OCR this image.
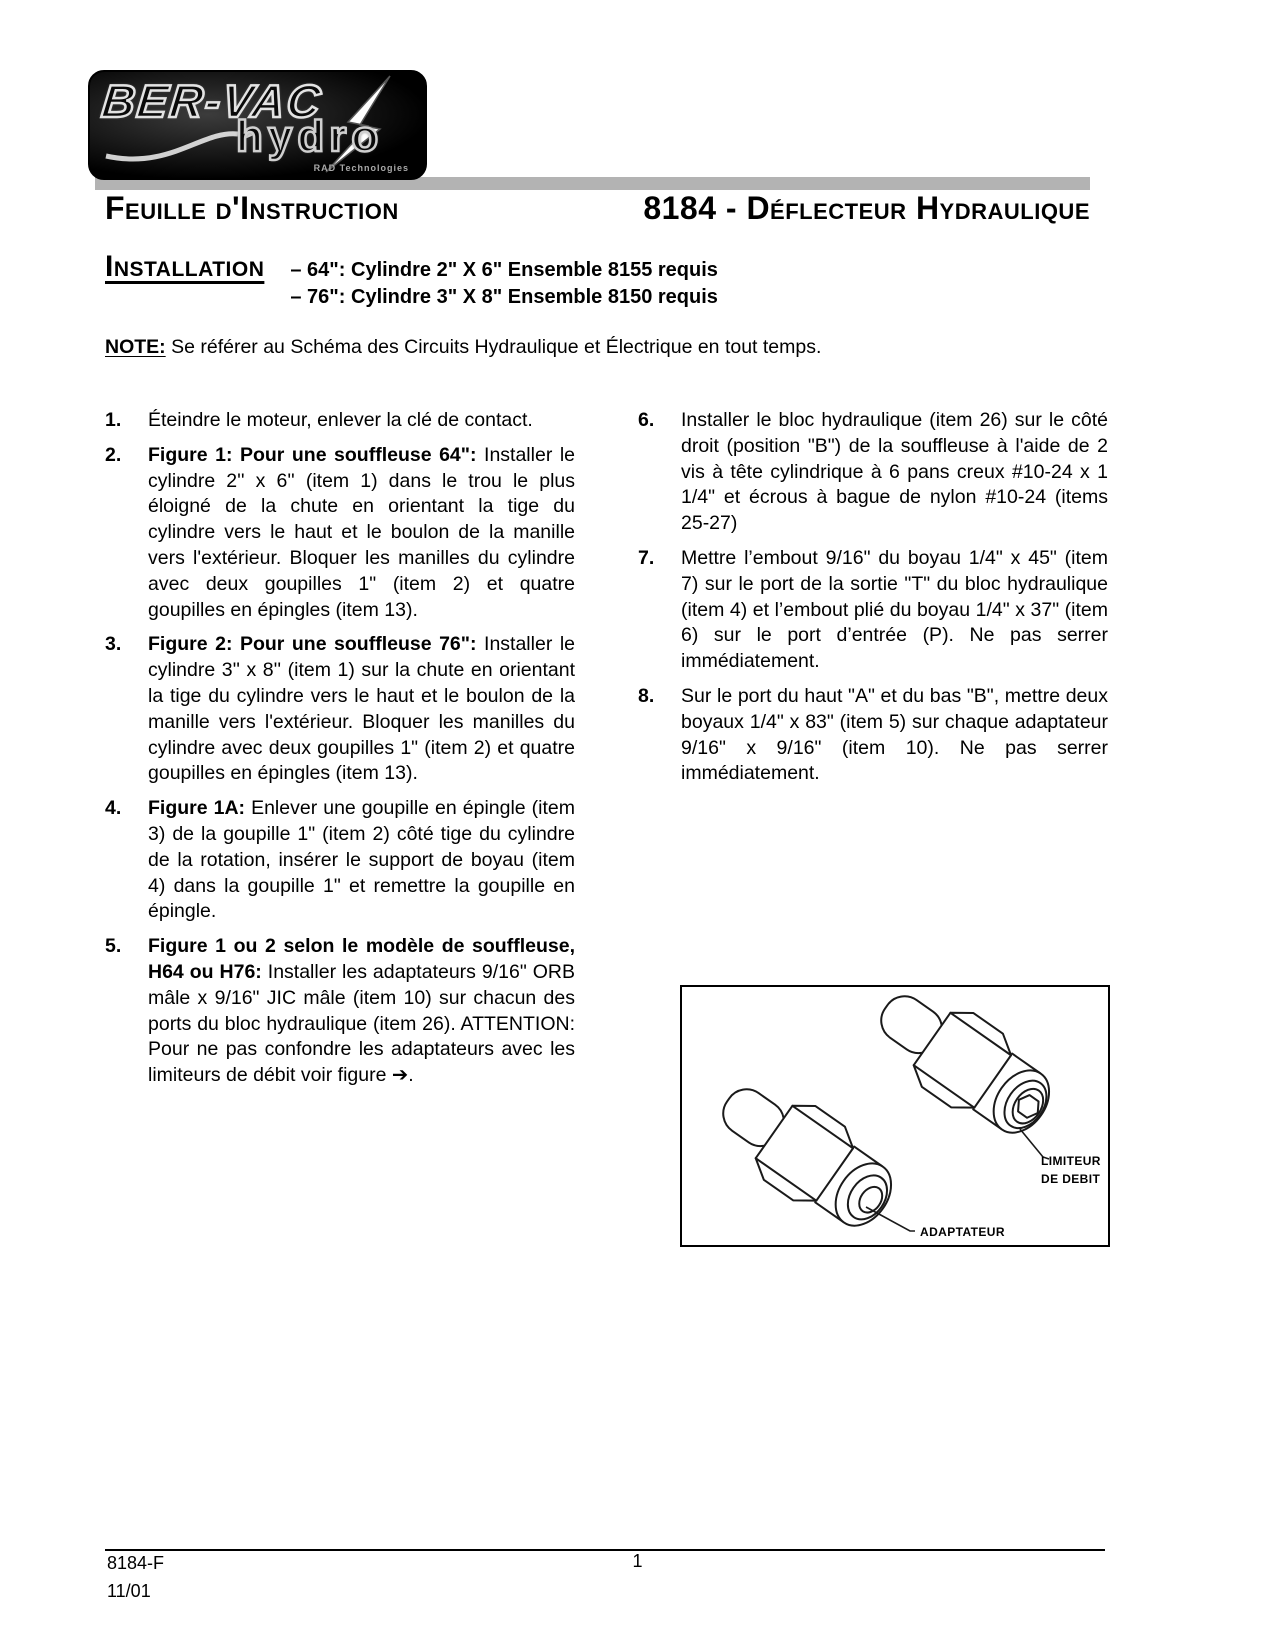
BER-VAC
hydro
RAD Technologies
Feuille d'Instruction	8184 - Déflecteur Hydraulique
Installation – 64": Cylindre 2" X 6" Ensemble 8155 requis
– 76": Cylindre 3" X 8" Ensemble 8150 requis
NOTE: Se référer au Schéma des Circuits Hydraulique et Électrique en tout temps.
1.	Éteindre le moteur, enlever la clé de contact.

2.	Figure 1: Pour une souffleuse 64": Installer le cylindre 2'' x 6'' (item 1) dans le trou le plus éloigné de la chute en orientant la tige du cylindre vers le haut et le boulon de la manille vers l'extérieur. Bloquer les manilles du cylindre avec deux goupilles 1" (item 2) et quatre goupilles en épingles (item 13).

3.	Figure 2: Pour une souffleuse 76": Installer le cylindre 3'' x 8'' (item 1) sur la chute en orientant la tige du cylindre vers le haut et le boulon de la manille vers l'extérieur. Bloquer les manilles du cylindre avec deux goupilles 1" (item 2) et quatre goupilles en épingles (item 13).

4.	Figure 1A: Enlever une goupille en épingle (item 3) de la goupille 1" (item 2) côté tige du cylindre de la rotation, insérer le support de boyau (item 4) dans la goupille 1" et remettre la goupille en épingle.

5.	Figure 1 ou 2 selon le modèle de souffleuse, H64 ou H76: Installer les adaptateurs 9/16" ORB mâle x 9/16" JIC mâle (item 10) sur chacun des ports du bloc hydraulique (item 26). ATTENTION: Pour ne pas confondre les adaptateurs avec les limiteurs de débit voir figure ➔.

6.	Installer le bloc hydraulique (item 26) sur le côté droit (position "B") de la souffleuse à l'aide de 2 vis à tête cylindrique à 6 pans creux #10-24 x 1 1/4" et écrous à bague de nylon #10-24 (items 25-27)

7.	Mettre l’embout 9/16" du boyau 1/4" x 45" (item 7) sur le port de la sortie "T" du bloc hydraulique (item 4) et l’embout plié du boyau 1/4" x 37" (item 6) sur le port d’entrée (P). Ne pas serrer immédiatement.

8.	Sur le port du haut "A" et du bas "B", mettre deux boyaux 1/4" x 83" (item 5) sur chaque adaptateur 9/16" x 9/16" (item 10). Ne pas serrer immédiatement.

LIMITEUR
DE DEBIT
ADAPTATEUR
8184-F	1
11/01
